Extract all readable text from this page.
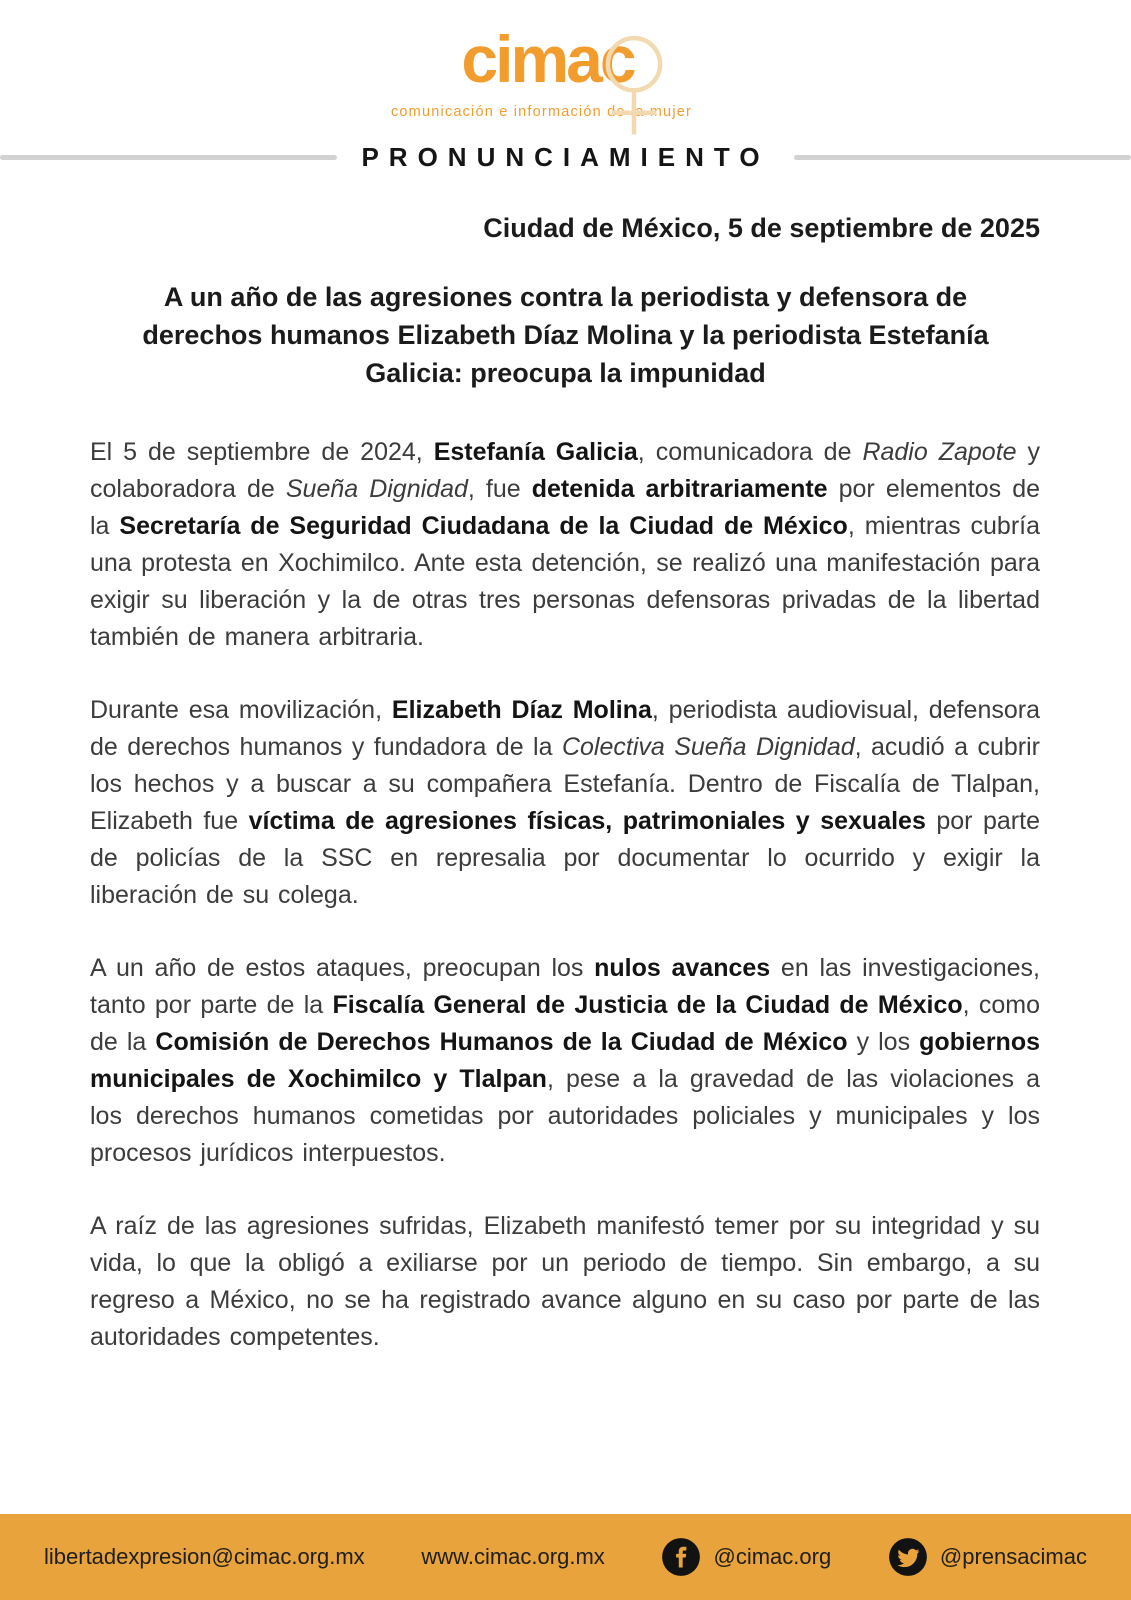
cimac
comunicación e información de la mujer
PRONUNCIAMIENTO
Ciudad de México, 5 de septiembre de 2025
A un año de las agresiones contra la periodista y defensora de derechos humanos Elizabeth Díaz Molina y la periodista Estefanía Galicia: preocupa la impunidad

El 5 de septiembre de 2024, Estefanía Galicia, comunicadora de Radio Zapote y colaboradora de Sueña Dignidad, fue detenida arbitrariamente por elementos de la Secretaría de Seguridad Ciudadana de la Ciudad de México, mientras cubría una protesta en Xochimilco. Ante esta detención, se realizó una manifestación para exigir su liberación y la de otras tres personas defensoras privadas de la libertad también de manera arbitraria.

Durante esa movilización, Elizabeth Díaz Molina, periodista audiovisual, defensora de derechos humanos y fundadora de la Colectiva Sueña Dignidad, acudió a cubrir los hechos y a buscar a su compañera Estefanía. Dentro de Fiscalía de Tlalpan, Elizabeth fue víctima de agresiones físicas, patrimoniales y sexuales por parte de policías de la SSC en represalia por documentar lo ocurrido y exigir la liberación de su colega.

A un año de estos ataques, preocupan los nulos avances en las investigaciones, tanto por parte de la Fiscalía General de Justicia de la Ciudad de México, como de la Comisión de Derechos Humanos de la Ciudad de México y los gobiernos municipales de Xochimilco y Tlalpan, pese a la gravedad de las violaciones a los derechos humanos cometidas por autoridades policiales y municipales y los procesos jurídicos interpuestos.

A raíz de las agresiones sufridas, Elizabeth manifestó temer por su integridad y su vida, lo que la obligó a exiliarse por un periodo de tiempo. Sin embargo, a su regreso a México, no se ha registrado avance alguno en su caso por parte de las autoridades competentes.

libertadexpresion@cimac.org.mx	www.cimac.org.mx	@cimac.org	@prensacimac
